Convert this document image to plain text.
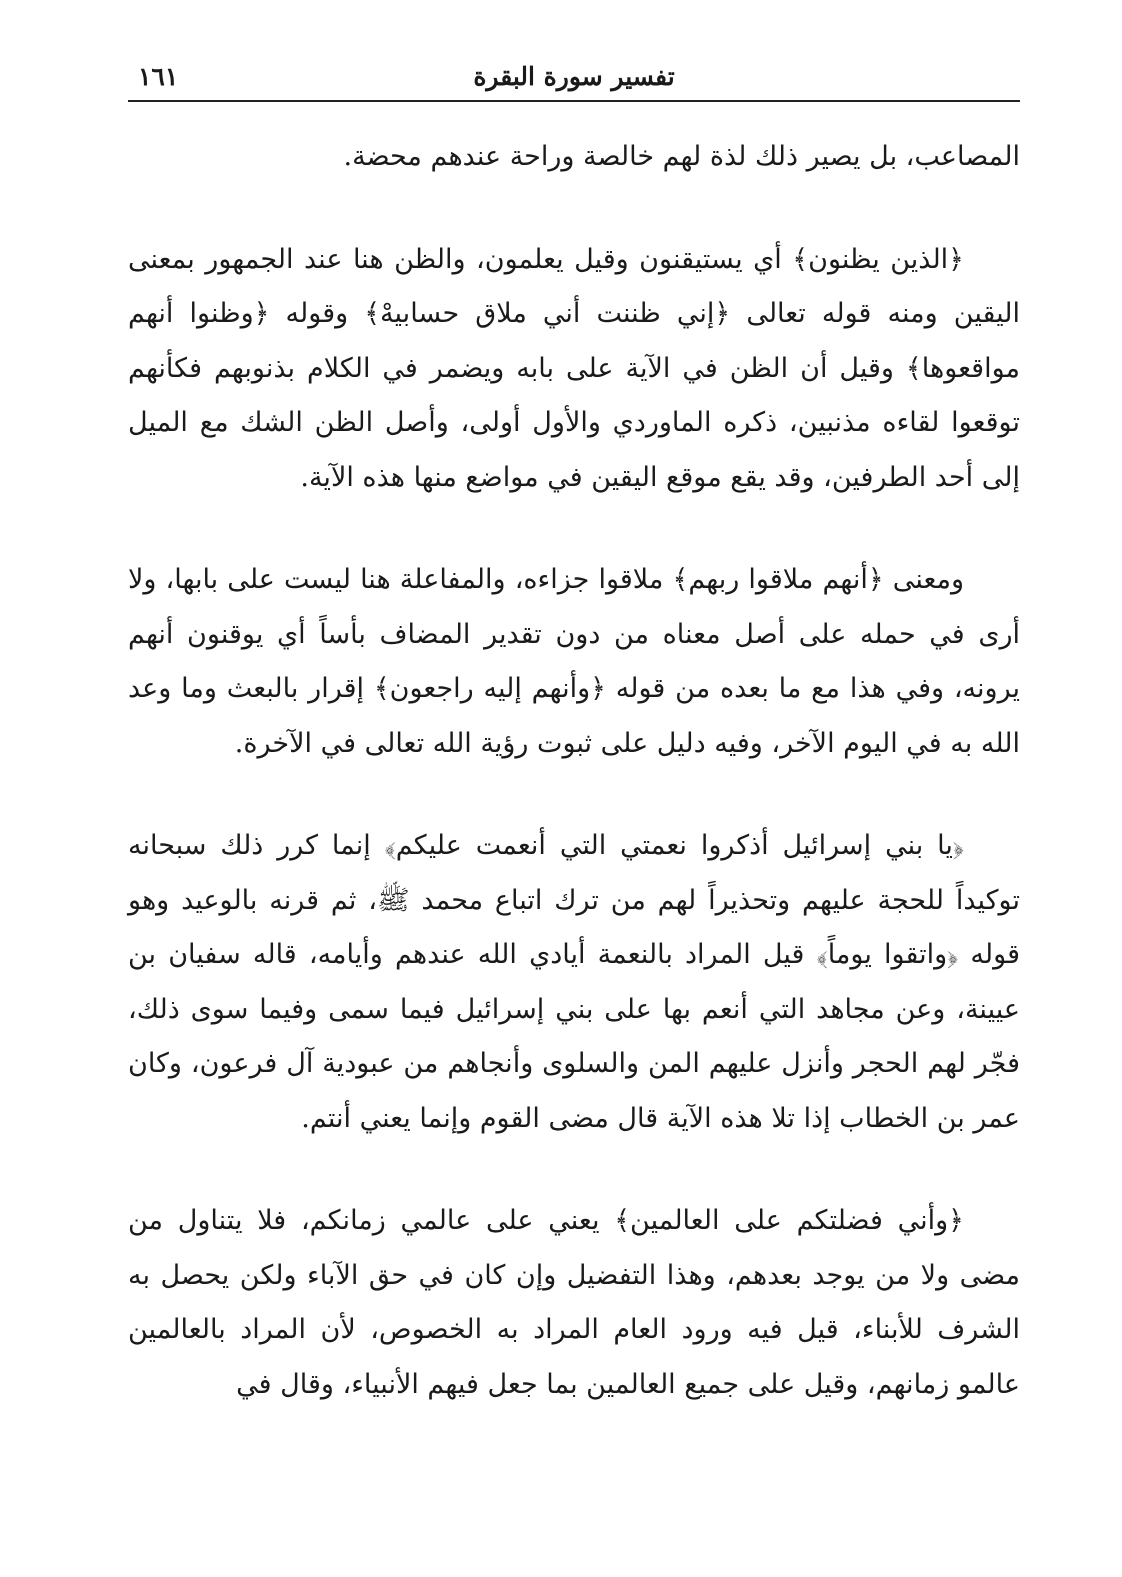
تفسير سورة البقرة
١٦١

المصاعب، بل يصير ذلك لذة لهم خالصة وراحة عندهم محضة.

﴿الذين يظنون﴾ أي يستيقنون وقيل يعلمون، والظن هنا عند الجمهور بمعنى اليقين ومنه قوله تعالى ﴿إني ظننت أني ملاق حسابيهْ﴾ وقوله ﴿وظنوا أنهم مواقعوها﴾ وقيل أن الظن في الآية على بابه ويضمر في الكلام بذنوبهم فكأنهم توقعوا لقاءه مذنبين، ذكره الماوردي والأول أولى، وأصل الظن الشك مع الميل إلى أحد الطرفين، وقد يقع موقع اليقين في مواضع منها هذه الآية.

ومعنى ﴿أنهم ملاقوا ربهم﴾ ملاقوا جزاءه، والمفاعلة هنا ليست على بابها، ولا أرى في حمله على أصل معناه من دون تقدير المضاف بأساً أي يوقنون أنهم يرونه، وفي هذا مع ما بعده من قوله ﴿وأنهم إليه راجعون﴾ إقرار بالبعث وما وعد الله به في اليوم الآخر، وفيه دليل على ثبوت رؤية الله تعالى في الآخرة.

﴿يا بني إسرائيل أذكروا نعمتي التي أنعمت عليكم﴾ إنما كرر ذلك سبحانه توكيداً للحجة عليهم وتحذيراً لهم من ترك اتباع محمد ﷺ، ثم قرنه بالوعيد وهو قوله ﴿واتقوا يوماً﴾ قيل المراد بالنعمة أيادي الله عندهم وأيامه، قاله سفيان بن عيينة، وعن مجاهد التي أنعم بها على بني إسرائيل فيما سمى وفيما سوى ذلك، فجّر لهم الحجر وأنزل عليهم المن والسلوى وأنجاهم من عبودية آل فرعون، وكان عمر بن الخطاب إذا تلا هذه الآية قال مضى القوم وإنما يعني أنتم.

﴿وأني فضلتكم على العالمين﴾ يعني على عالمي زمانكم، فلا يتناول من مضى ولا من يوجد بعدهم، وهذا التفضيل وإن كان في حق الآباء ولكن يحصل به الشرف للأبناء، قيل فيه ورود العام المراد به الخصوص، لأن المراد بالعالمين عالمو زمانهم، وقيل على جميع العالمين بما جعل فيهم الأنبياء، وقال في
